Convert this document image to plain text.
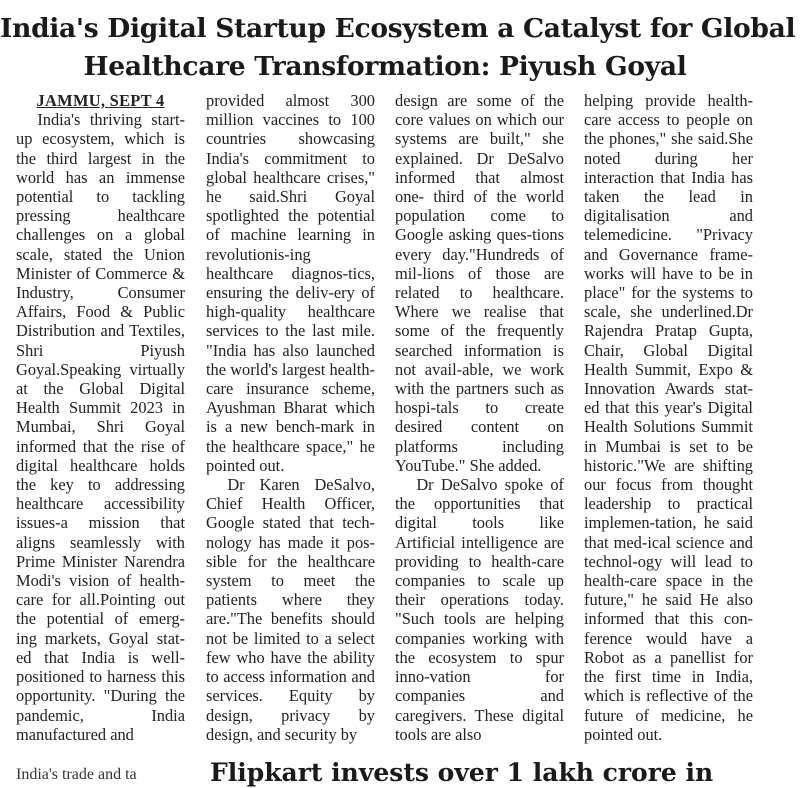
India's Digital Startup Ecosystem a Catalyst for Global
Healthcare Transformation: Piyush Goyal
JAMMU, SEPT 4

India's thriving start-up ecosystem, which is the third largest in the world has an immense potential to tackling pressing healthcare challenges on a global scale, stated the Union Minister of Commerce & Industry, Consumer Affairs, Food & Public Distribution and Textiles, Shri Piyush Goyal.Speaking virtually at the Global Digital Health Summit 2023 in Mumbai, Shri Goyal informed that the rise of digital healthcare holds the key to addressing healthcare accessibility issues-a mission that aligns seamlessly with Prime Minister Narendra Modi's vision of health-care for all.Pointing out the potential of emerg-ing markets, Goyal stat-ed that India is well-positioned to harness this opportunity. "During the pandemic, India manufactured and

provided almost 300 million vaccines to 100 countries showcasing India's commitment to global healthcare crises," he said.Shri Goyal spotlighted the potential of machine learning in revolutionis-ing healthcare diagnos-tics, ensuring the deliv-ery of high-quality healthcare services to the last mile. "India has also launched the world's largest health-care insurance scheme, Ayushman Bharat which is a new bench-mark in the healthcare space," he pointed out.

Dr Karen DeSalvo, Chief Health Officer, Google stated that tech-nology has made it pos-sible for the healthcare system to meet the patients where they are."The benefits should not be limited to a select few who have the ability to access information and services. Equity by design, privacy by design, and security by

design are some of the core values on which our systems are built," she explained. Dr DeSalvo informed that almost one- third of the world population come to Google asking ques-tions every day."Hundreds of mil-lions of those are related to healthcare. Where we realise that some of the frequently searched information is not avail-able, we work with the partners such as hospi-tals to create desired content on platforms including YouTube." She added.

Dr DeSalvo spoke of the opportunities that digital tools like Artificial intelligence are providing to health-care companies to scale up their operations today. "Such tools are helping companies working with the ecosystem to spur inno-vation for companies and caregivers. These digital tools are also

helping provide health-care access to people on the phones," she said.She noted during her interaction that India has taken the lead in digitalisation and telemedicine. "Privacy and Governance frame-works will have to be in place" for the systems to scale, she underlined.Dr Rajendra Pratap Gupta, Chair, Global Digital Health Summit, Expo & Innovation Awards stat-ed that this year's Digital Health Solutions Summit in Mumbai is set to be historic."We are shifting our focus from thought leadership to practical implemen-tation, he said that med-ical science and technol-ogy will lead to health-care space in the future," he said He also informed that this con-ference would have a Robot as a panellist for the first time in India, which is reflective of the future of medicine, he pointed out.

India's trade and ta	Flipkart invests over 1 lakh crore in
